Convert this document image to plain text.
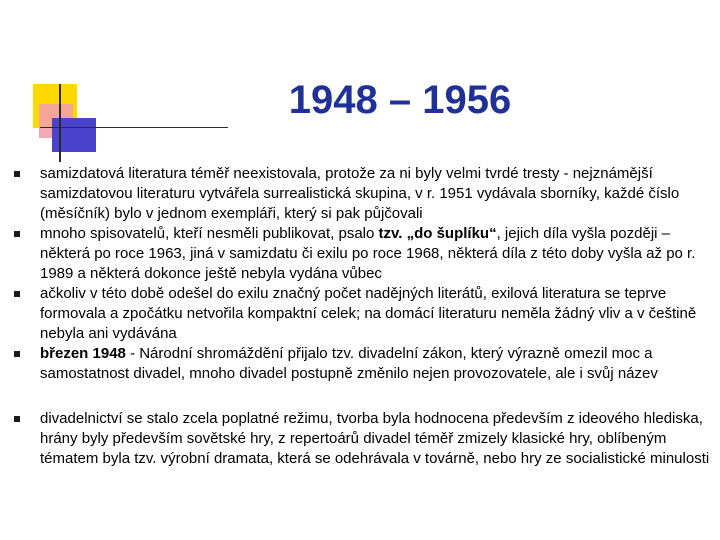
1948 – 1956
samizdatová literatura téměř neexistovala, protože za ni byly velmi tvrdé tresty - nejznámější samizdatovou literaturu vytvářela surrealistická skupina, v r. 1951 vydávala sborníky, každé číslo (měsíčník) bylo v jednom exempláři, který si pak půjčovali
mnoho spisovatelů, kteří nesměli publikovat, psalo tzv. „do šuplíku“, jejich díla vyšla později – některá po roce 1963, jiná v samizdatu či exilu po roce 1968, některá díla z této doby vyšla až po r. 1989 a některá dokonce ještě nebyla vydána vůbec
ačkoliv v této době odešel do exilu značný počet nadějných literátů, exilová literatura se teprve formovala a zpočátku netvořila kompaktní celek; na domácí literaturu neměla žádný vliv a v češtině nebyla ani vydávána
březen 1948 - Národní shromáždění přijalo tzv. divadelní zákon, který výrazně omezil moc a samostatnost divadel, mnoho divadel postupně změnilo nejen provozovatele, ale i svůj název
divadelnictví se stalo zcela poplatné režimu, tvorba byla hodnocena především z ideového hlediska, hrány byly především sovětské hry, z repertoárů divadel téměř zmizely klasické hry, oblíbeným tématem byla tzv. výrobní dramata, která se odehrávala v továrně, nebo hry ze socialistické minulosti
